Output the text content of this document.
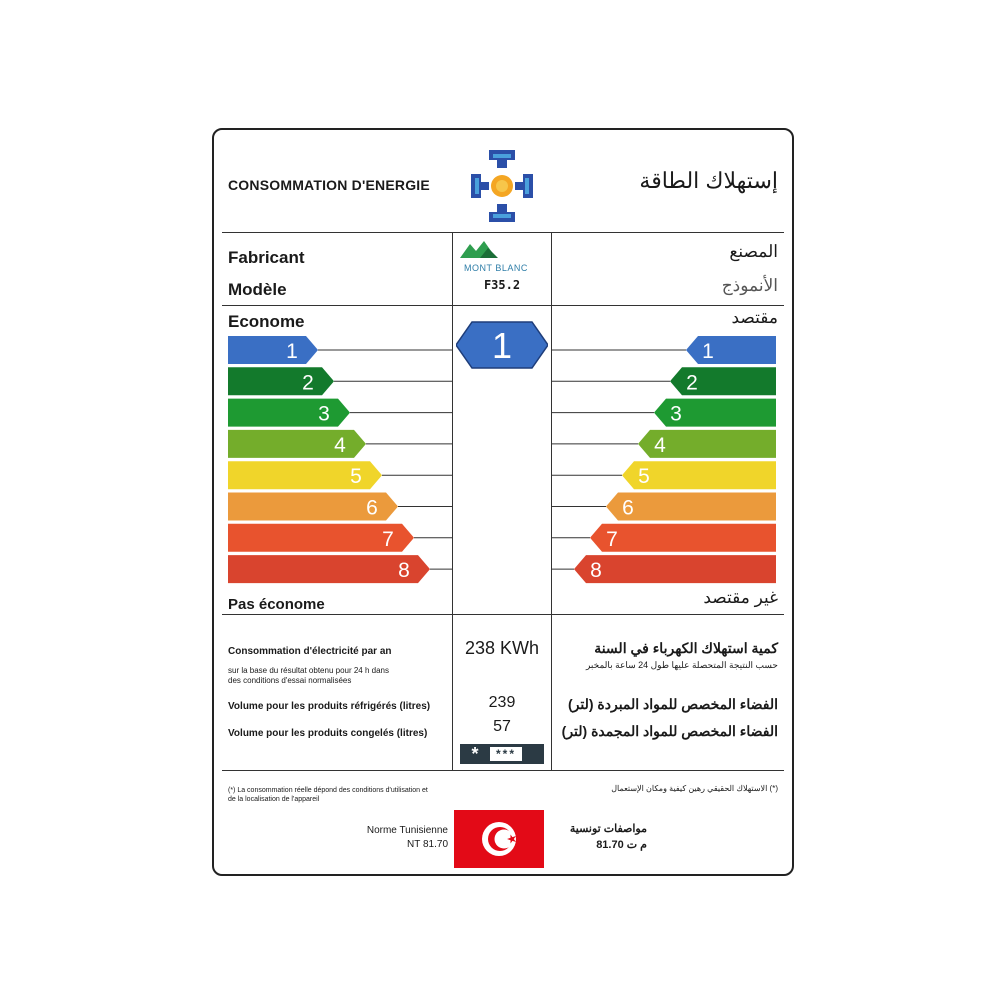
CONSOMMATION D'ENERGIE	إستهلاك الطاقة
Fabricant	المصنع
MONT BLANC
Modèle	الأنموذج
F35.2
Econome	مقتصد
1	1
2	2
3	3
4	4
5	5
6	6
7	7
8	8
1
Pas économe	غير مقتصد
Consommation d'électricité par an
sur la base du résultat obtenu pour 24 h dans
des conditions d'essai normalisées
238 KWh	كمية استهلاك الكهرباء في السنة
حسب النتيجة المتحصلة عليها طول 24 ساعة بالمخبر
Volume pour les produits réfrigérés (litres)	239	الفضاء المخصص للمواد المبردة (لتر)
Volume pour les produits congelés (litres)	57	الفضاء المخصص للمواد المجمدة (لتر)
*	***
(*) La consommation réelle dépond des conditions d'utilisation et
de la localisation de l'appareil
(*) الاستهلاك الحقيقي رهين كيفية ومكان الإستعمال
Norme Tunisienne
NT 81.70
مواصفات تونسية
م ت 81.70
